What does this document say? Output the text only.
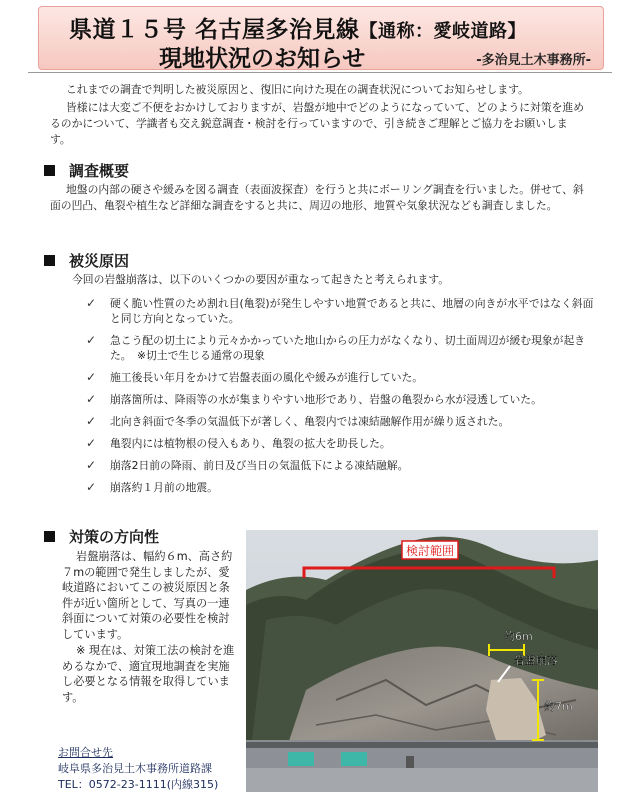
県道１５号 名古屋多治見線【通称：愛岐道路】
現地状況のお知らせ	-多治見土木事務所-
これまでの調査で判明した被災原因と、復旧に向けた現在の調査状況についてお知らせします。
皆様には大変ご不便をおかけしておりますが、岩盤が地中でどのようになっていて、どのように対策を進めるのかについて、学識者も交え鋭意調査・検討を行っていますので、引き続きご理解とご協力をお願いします。
調査概要
地盤の内部の硬さや緩みを図る調査（表面波探査）を行うと共にボーリング調査を行いました。併せて、斜面の凹凸、亀裂や植生など詳細な調査をすると共に、周辺の地形、地質や気象状況なども調査しました。
被災原因
今回の岩盤崩落は、以下のいくつかの要因が重なって起きたと考えられます。
✓ 硬く脆い性質のため割れ目(亀裂)が発生しやすい地質であると共に、地層の向きが水平ではなく斜面と同じ方向となっていた。
✓ 急こう配の切土により元々かかっていた地山からの圧力がなくなり、切土面周辺が緩む現象が起きた。　※切土で生じる通常の現象
✓ 施工後長い年月をかけて岩盤表面の風化や緩みが進行していた。
✓ 崩落箇所は、降雨等の水が集まりやすい地形であり、岩盤の亀裂から水が浸透していた。
✓ 北向き斜面で冬季の気温低下が著しく、亀裂内では凍結融解作用が繰り返された。
✓ 亀裂内には植物根の侵入もあり、亀裂の拡大を助長した。
✓ 崩落2日前の降雨、前日及び当日の気温低下による凍結融解。
✓ 崩落約１月前の地震。
対策の方向性
岩盤崩落は、幅約６m、高さ約７mの範囲で発生しましたが、愛岐道路においてこの被災原因と条件が近い箇所として、写真の一連斜面について対策の必要性を検討しています。
※ 現在は、対策工法の検討を進めるなかで、適宜現地調査を実施し必要となる情報を取得しています。
検討範囲
約6m
岩盤崩落
約7m
お問合せ先
岐阜県多治見土木事務所道路課
TEL：0572-23-1111(内線315)
